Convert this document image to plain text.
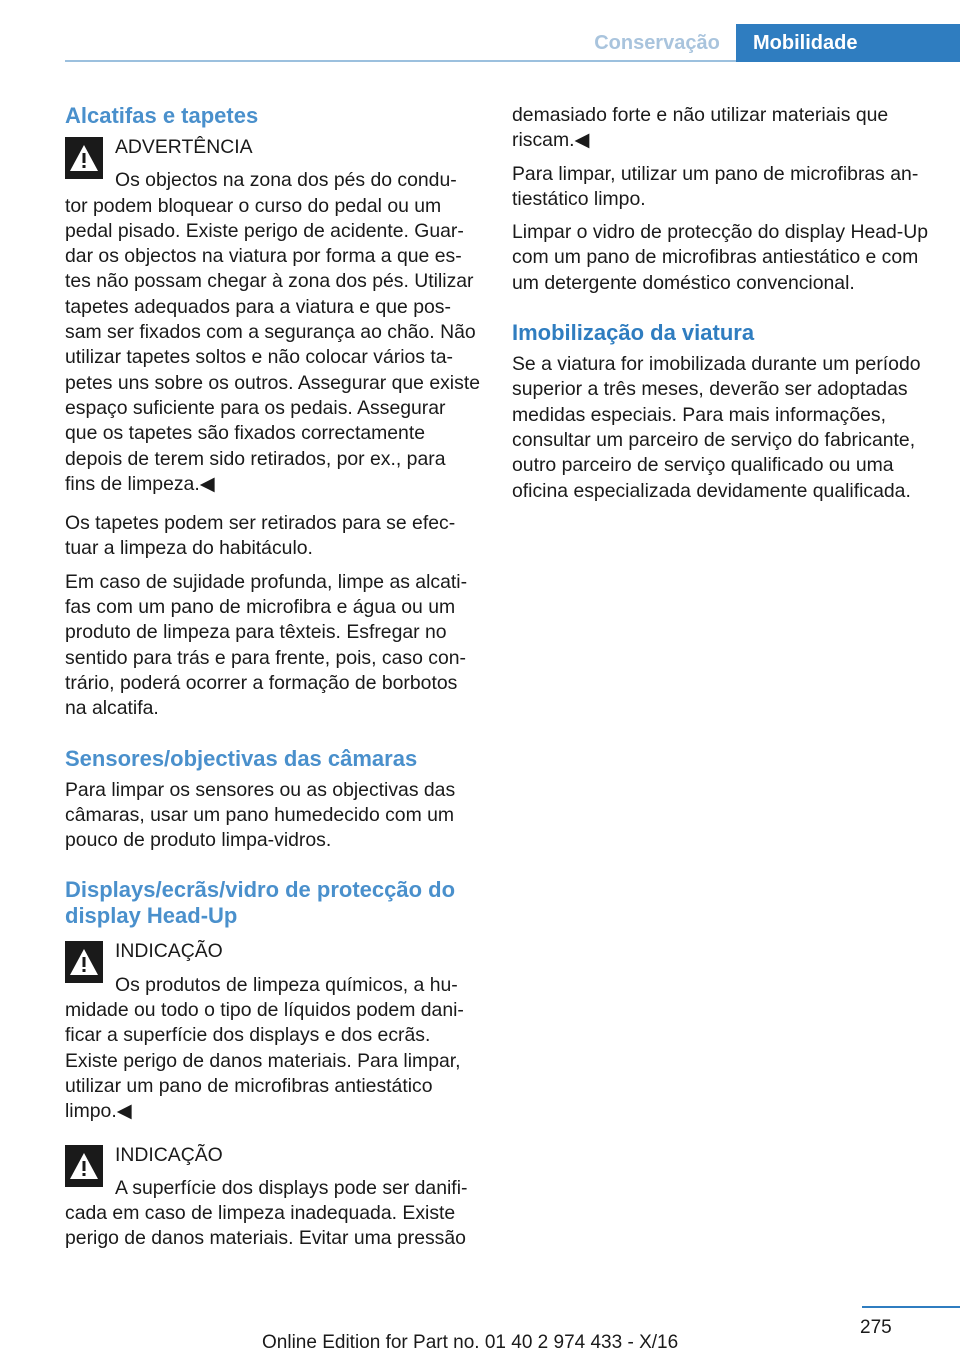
Conservação	Mobilidade
Alcatifas e tapetes
ADVERTÊNCIA
Os objectos na zona dos pés do condu-

tor podem bloquear o curso do pedal ou um pedal pisado. Existe perigo de acidente. Guardar os objectos na viatura por forma a que estes não possam chegar à zona dos pés. Utilizar tapetes adequados para a viatura e que possam ser fixados com a segurança ao chão. Não utilizar tapetes soltos e não colocar vários tapetes uns sobre os outros. Assegurar que existe espaço suficiente para os pedais. Assegurar que os tapetes são fixados correctamente depois de terem sido retirados, por ex., para fins de limpeza.◀

Os tapetes podem ser retirados para se efectuar a limpeza do habitáculo.

Em caso de sujidade profunda, limpe as alcatifas com um pano de microfibra e água ou um produto de limpeza para têxteis. Esfregar no sentido para trás e para frente, pois, caso contrário, poderá ocorrer a formação de borbotos na alcatifa.

Sensores/objectivas das câmaras

Para limpar os sensores ou as objectivas das câmaras, usar um pano humedecido com um pouco de produto limpa-vidros.

Displays/ecrãs/vidro de protecção do display Head-Up
INDICAÇÃO
Os produtos de limpeza químicos, a hu-

midade ou todo o tipo de líquidos podem danificar a superfície dos displays e dos ecrãs. Existe perigo de danos materiais. Para limpar, utilizar um pano de microfibras antiestático limpo.◀

INDICAÇÃO
A superfície dos displays pode ser danifi-

cada em caso de limpeza inadequada. Existe perigo de danos materiais. Evitar uma pressão

demasiado forte e não utilizar materiais que riscam.◀

Para limpar, utilizar um pano de microfibras antiestático limpo.

Limpar o vidro de protecção do display Head-Up com um pano de microfibras antiestático e com um detergente doméstico convencional.

Imobilização da viatura

Se a viatura for imobilizada durante um período superior a três meses, deverão ser adoptadas medidas especiais. Para mais informações, consultar um parceiro de serviço do fabricante, outro parceiro de serviço qualificado ou uma oficina especializada devidamente qualificada.

275
Online Edition for Part no. 01 40 2 974 433 - X/16
